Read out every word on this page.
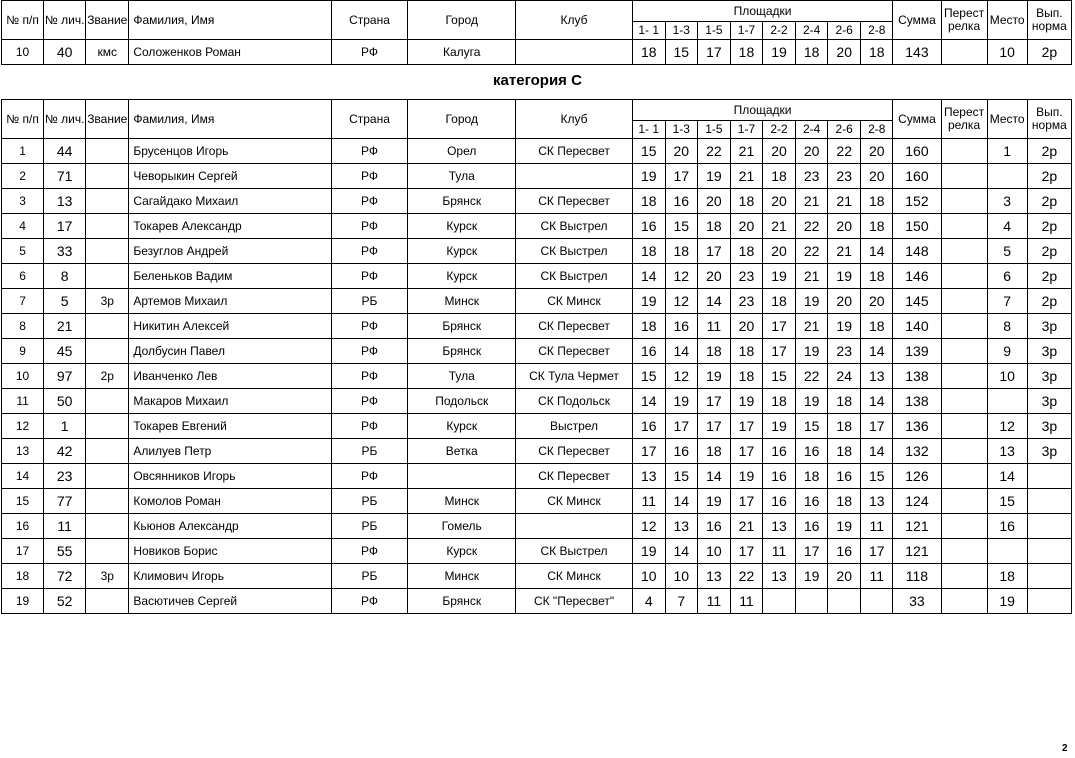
№ п/п	№ лич.	Звание	Фамилия, Имя	Страна	Город	Клуб	Площадки								Сумма	Перест релка	Место	Вып. норма
							1- 1	1-3	1-5	1-7	2-2	2-4	2-6	2-8				
10	40	кмс	Соложенков Роман	РФ	Калуга		18	15	17	18	19	18	20	18	143		10	2р
категория С
№ п/п	№ лич.	Звание	Фамилия, Имя	Страна	Город	Клуб	Площадки								Сумма	Перест релка	Место	Вып. норма
							1- 1	1-3	1-5	1-7	2-2	2-4	2-6	2-8				
1	44		Брусенцов Игорь	РФ	Орел	СК Пересвет	15	20	22	21	20	20	22	20	160		1	2р
2	71		Чеворыкин Сергей	РФ	Тула		19	17	19	21	18	23	23	20	160			2р
3	13		Сагайдако Михаил	РФ	Брянск	СК Пересвет	18	16	20	18	20	21	21	18	152		3	2р
4	17		Токарев Александр	РФ	Курск	СК Выстрел	16	15	18	20	21	22	20	18	150		4	2р
5	33		Безуглов Андрей	РФ	Курск	СК Выстрел	18	18	17	18	20	22	21	14	148		5	2р
6	8		Беленьков Вадим	РФ	Курск	СК Выстрел	14	12	20	23	19	21	19	18	146		6	2р
7	5	3р	Артемов Михаил	РБ	Минск	СК Минск	19	12	14	23	18	19	20	20	145		7	2р
8	21		Никитин Алексей	РФ	Брянск	СК Пересвет	18	16	11	20	17	21	19	18	140		8	3р
9	45		Долбусин Павел	РФ	Брянск	СК Пересвет	16	14	18	18	17	19	23	14	139		9	3р
10	97	2р	Иванченко Лев	РФ	Тула	СК Тула Чермет	15	12	19	18	15	22	24	13	138		10	3р
11	50		Макаров Михаил	РФ	Подольск	СК Подольск	14	19	17	19	18	19	18	14	138			3р
12	1		Токарев Евгений	РФ	Курск	Выстрел	16	17	17	17	19	15	18	17	136		12	3р
13	42		Алилуев Петр	РБ	Ветка	СК Пересвет	17	16	18	17	16	16	18	14	132		13	3р
14	23		Овсянников Игорь	РФ		СК Пересвет	13	15	14	19	16	18	16	15	126		14	
15	77		Комолов Роман	РБ	Минск	СК Минск	11	14	19	17	16	16	18	13	124		15	
16	11		Кьюнов Александр	РБ	Гомель		12	13	16	21	13	16	19	11	121		16	
17	55		Новиков Борис	РФ	Курск	СК Выстрел	19	14	10	17	11	17	16	17	121			
18	72	3р	Климович Игорь	РБ	Минск	СК Минск	10	10	13	22	13	19	20	11	118		18	
19	52		Васютичев Сергей	РФ	Брянск	СК "Пересвет"	4	7	11	11					33		19	
2
